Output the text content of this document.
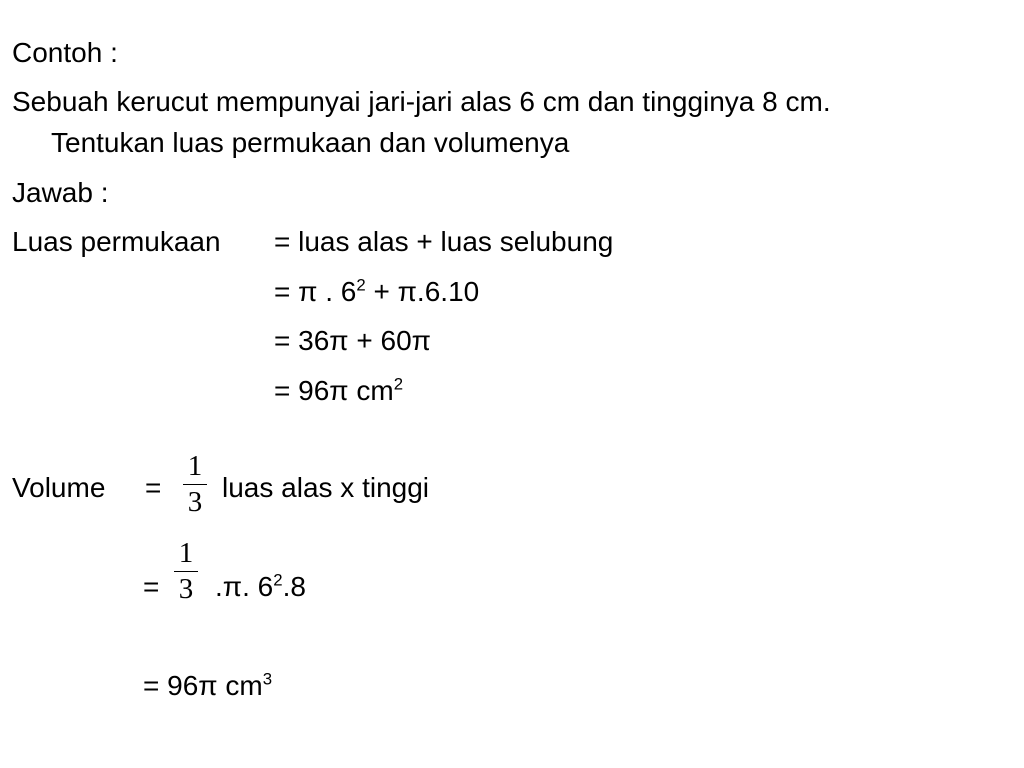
Contoh :
Sebuah kerucut mempunyai jari-jari alas 6 cm dan tingginya 8 cm.
Tentukan luas permukaan dan volumenya
Jawab :
Luas permukaan = luas alas + luas selubung
= π . $6^2 + \pi.6.10$
= 36π + 60π
= 96π $cm^2$
Volume =
1
3 luas alas x tinggi
=
1
3 .π. $6^2.8$
= 96π $cm^3$
